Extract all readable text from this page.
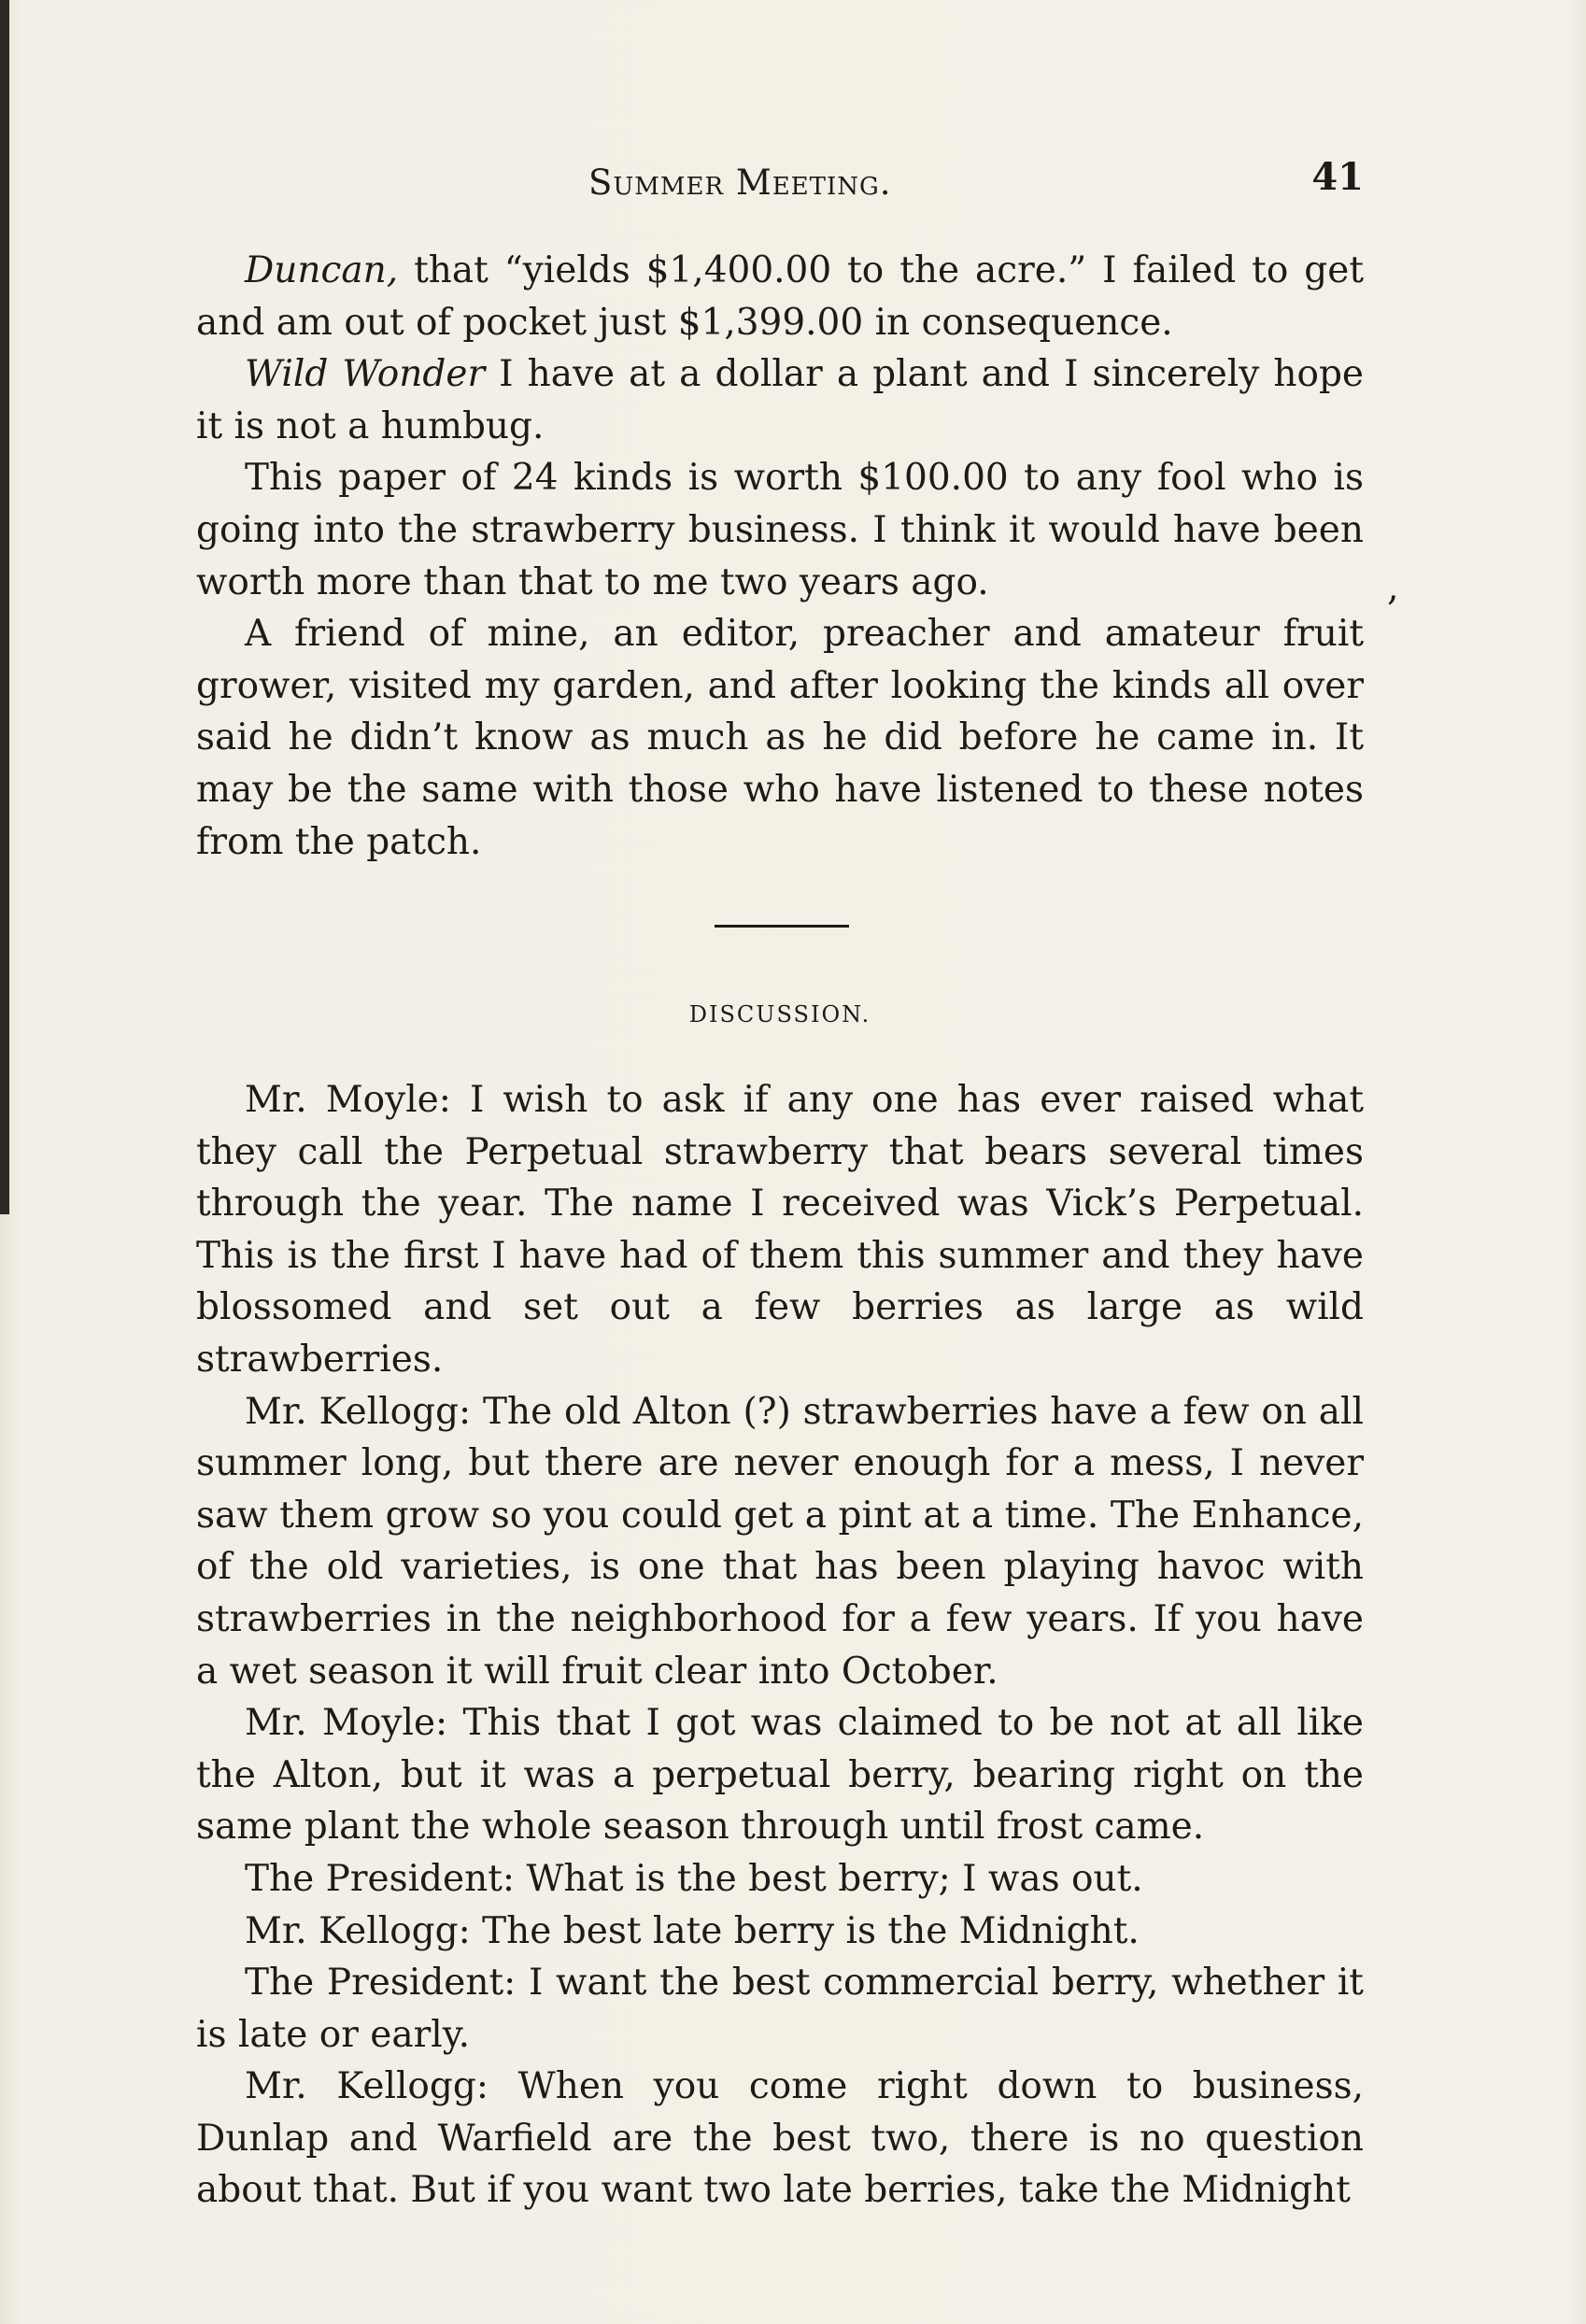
Summer Meeting.	41

Duncan, that “yields $1,400.00 to the acre.” I failed to get and am out of pocket just $1,399.00 in consequence.

Wild Wonder I have at a dollar a plant and I sincerely hope it is not a humbug.

This paper of 24 kinds is worth $100.00 to any fool who is going into the strawberry business. I think it would have been worth more than that to me two years ago.

A friend of mine, an editor, preacher and amateur fruit grower, visited my garden, and after looking the kinds all over said he didn’t know as much as he did before he came in. It may be the same with those who have listened to these notes from the patch.

,
DISCUSSION.

Mr. Moyle: I wish to ask if any one has ever raised what they call the Perpetual strawberry that bears several times through the year. The name I received was Vick’s Perpetual. This is the first I have had of them this summer and they have blossomed and set out a few berries as large as wild strawberries.

Mr. Kellogg: The old Alton (?) strawberries have a few on all summer long, but there are never enough for a mess, I never saw them grow so you could get a pint at a time. The Enhance, of the old varieties, is one that has been playing havoc with strawberries in the neighborhood for a few years. If you have a wet season it will fruit clear into October.

Mr. Moyle: This that I got was claimed to be not at all like the Alton, but it was a perpetual berry, bearing right on the same plant the whole season through until frost came.

The President: What is the best berry; I was out.

Mr. Kellogg: The best late berry is the Midnight.

The President: I want the best commercial berry, whether it is late or early.

Mr. Kellogg: When you come right down to business, Dunlap and Warfield are the best two, there is no question about that. But if you want two late berries, take the Midnight
